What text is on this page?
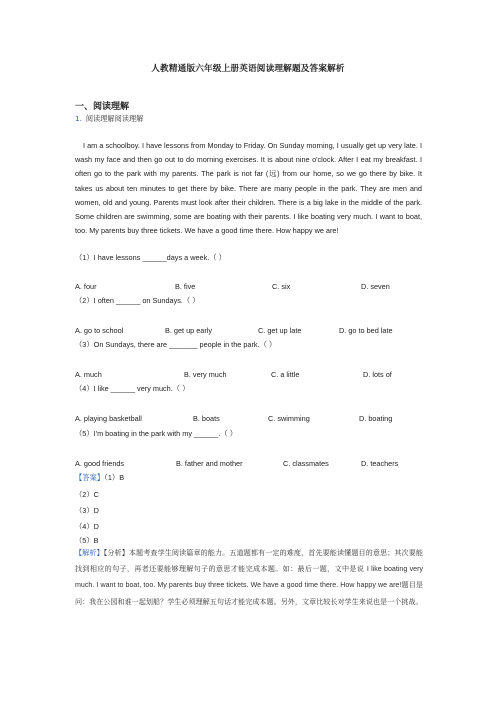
人教精通版六年级上册英语阅读理解题及答案解析
一、阅读理解
1. 阅读理解阅读理解
I am a schoolboy. I have lessons from Monday to Friday. On Sunday morning, I usually get up very late. I wash my face and then go out to do morning exercises. It is about nine o'clock. After I eat my breakfast. I often go to the park with my parents. The park is not far (远) from our home, so we go there by bike. It takes us about ten minutes to get there by bike. There are many people in the park. They are men and women, old and young. Parents must look after their children. There is a big lake in the middle of the park. Some children are swimming, some are boating with their parents. I like boating very much. I want to boat, too. My parents buy three tickets. We have a good time there. How happy we are!
（1）I have lessons ______days a week.（ ）
A. four	B. five	C. six	D. seven
（2）I often ______ on Sundays.（ ）
A. go to school	B. get up early	C. get up late	D. go to bed late
（3）On Sundays, there are _______ people in the park.（ ）
A. much	B. very much	C. a little	D. lots of
（4）I like ______ very much.（ ）
A. playing basketball	B. boats	C. swimming	D. boating
（5）I'm boating in the park with my ______.（ ）
A. good friends	B. father and mother	C. classmates	D. teachers
【答案】（1）B
（2）C
（3）D
（4）D
（5）B
【解析】【分析】本题考查学生阅读篇章的能力。五道题都有一定的难度，首先要能读懂题目的意思；其次要能找到相应的句子，再者还要能够理解句子的意思才能完成本题。如：最后一题，文中是说 I like boating very much. I want to boat, too. My parents buy three tickets. We have a good time there. How happy we are!题目是问：我在公园和谁一起划船？学生必须理解五句话才能完成本题。另外，文章比较长对学生来说也是一个挑战。
